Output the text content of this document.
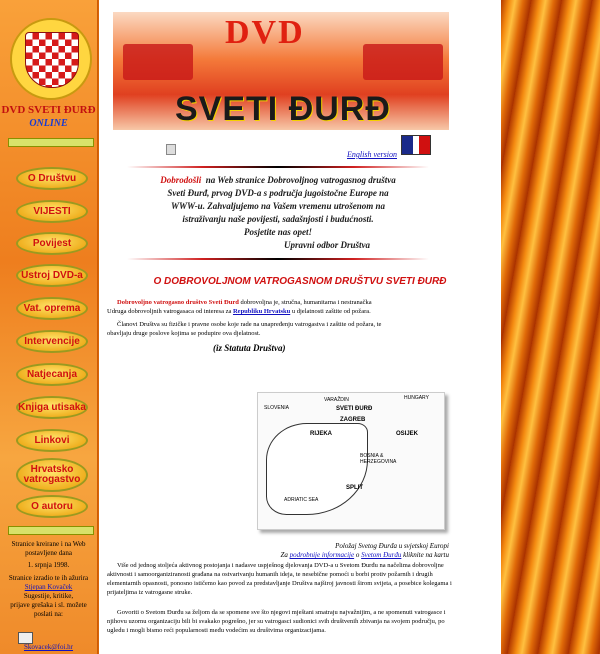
DVD SVETI ĐURĐ
ONLINE
O Društvu
VIJESTI
Povijest
Ustroj DVD-a
Vat. oprema
Intervencije
Natjecanja
Knjiga utisaka
Linkovi
Hrvatsko vatrogastvo
O autoru
Stranice kreirane i na Web
postavljene dana
1. srpnja 1998.
Stranice izradio te ih ažurira
Stjepan Kovaček
Sugestije, kritike,
prijave grešaka i sl. možete
poslati na:
Skovacek@foi.hr
DVD
SVETI ĐURĐ
English version
Dobrodošli na Web stranice Dobrovoljnog vatrogasnog društva
Sveti Đurđ, prvog DVD-a s područja jugoistočne Europe na
WWW-u. Zahvaljujemo na Vašem vremenu utrošenom na
istraživanju naše povijesti, sadašnjosti i budućnosti.
Posjetite nas opet!
Upravni odbor Društva
O DOBROVOLJNOM VATROGASNOM DRUŠTVU SVETI ĐURĐ
Dobrovoljno vatrogasno društvo Sveti Đurđ dobrovoljna je, stručna, humanitarna i nestranačka
Udruga dobrovoljnih vatrogasaca od interesa za Republiku Hrvatsku u djelatnosti zaštite od požara.
Članovi Društva su fizičke i pravne osobe koje rade na unapređenju vatrogastva i zaštite od požara, te
obavljaju druge poslove kojima se podupire ova djelatnost.
(iz Statuta Društva)
SLOVENIA
VARAŽDIN
SVETI ĐURĐ
HUNGARY
ZAGREB
RIJEKA	OSIJEK
BOSNIA & HERZEGOVINA
SPLIT
ADRIATIC SEA
Položaj Svetog Đurđa u svjetskoj Europi
Za podrobnije informacije o Svetom Đurđu kliknite na kartu
Više od jednog stoljeća aktivnog postojanja i nadasve uspješnog djelovanja DVD-a u Svetom Đurđu na načelima dobrovoljne aktivnosti i samoorganiziranosti građana na ostvarivanju humanih ideja, te nesebične pomoći u borbi protiv požarnih i drugih elementarnih opasnosti, ponosno ističemo kao povod za predstavljanje Društva najširoj javnosti širom svijeta, a posebice kolegama i prijateljima iz vatrogasne struke.
Govoriti o Svetom Đurđu sa željom da se spomene sve što njegovi mještani smatraju najvažnijim, a ne spomenuti vatrogasce i njihovu uzornu organizaciju bili bi svakako pogrešno, jer su vatrogasci sudionici svih društvenih zbivanja na svojem području, po ugledu i mogli bismo reći popularnosti među vodećim su društvima organizacijama.
